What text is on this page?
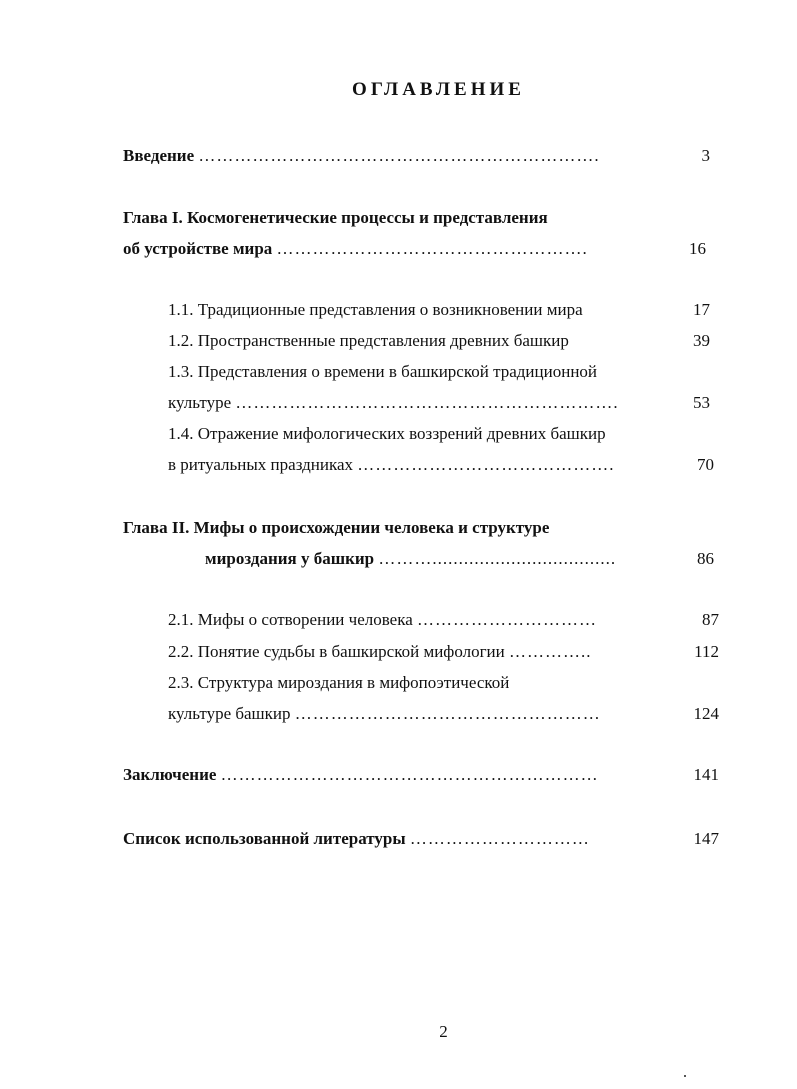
ОГЛАВЛЕНИЕ
Введение ………………………………………………………….	3
Глава I. Космогенетические процессы и представления
об устройстве мира …………………………………………….	16
1.1. Традиционные представления о возникновении мира	17
1.2. Пространственные представления древних башкир	39
1.3. Представления о времени в башкирской традиционной
культуре ……………………………………………………….	53
1.4. Отражение мифологических воззрений древних башкир
в ритуальных праздниках …………………………………….	70
Глава II. Мифы о происхождении человека и структуре
мироздания у башкир ………...................................	86
2.1. Мифы о сотворении человека …………………………	87
2.2. Понятие судьбы в башкирской мифологии …………..	112
2.3. Структура мироздания в мифопоэтической
культуре башкир ……………………………………………	124
Заключение ………………………………………………………	141
Список использованной литературы …………………………	147
2
